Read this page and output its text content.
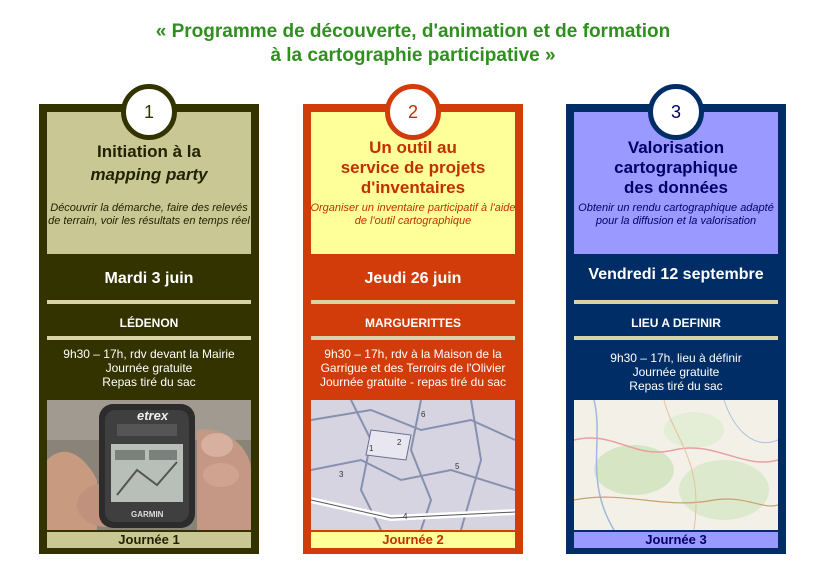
« Programme de découverte, d'animation et de formation
à la cartographie participative »
1
Initiation à la
mapping party
Découvrir la démarche, faire des relevés de terrain, voir les résultats en temps réel
Mardi 3 juin
LÉDENON
9h30 – 17h, rdv devant la Mairie
Journée gratuite
Repas tiré du sac
etrex
GARMIN
Journée 1
2
Un outil au
service de projets
d'inventaires
Organiser un inventaire participatif à l'aide de l'outil cartographique
Jeudi 26 juin
MARGUERITTES
9h30 – 17h, rdv à la Maison de la
Garrigue et des Terroirs de l'Olivier
Journée gratuite - repas tiré du sac
1
2
3
4
5
6
Journée 2
3
Valorisation
cartographique
des données
Obtenir un rendu cartographique adapté pour la diffusion et la valorisation
Vendredi 12 septembre
LIEU A DEFINIR
9h30 – 17h, lieu à définir
Journée gratuite
Repas tiré du sac
Journée 3
